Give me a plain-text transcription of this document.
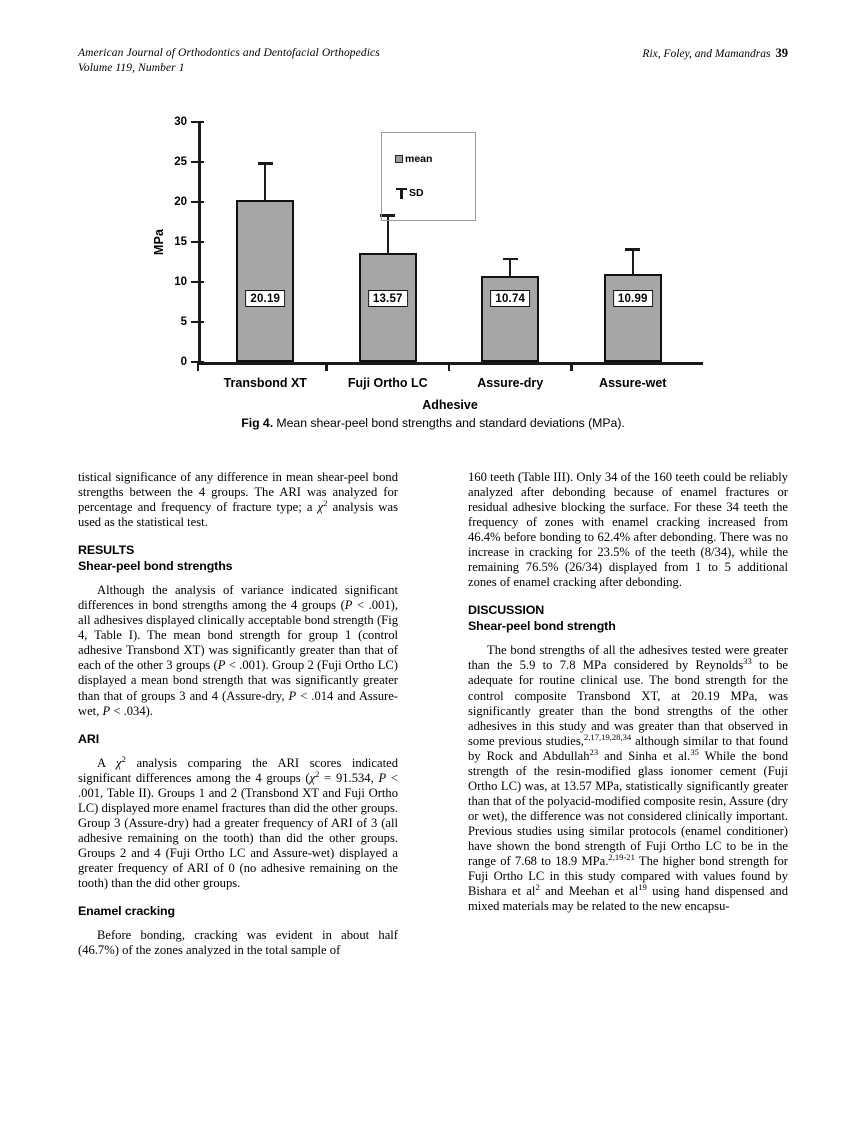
American Journal of Orthodontics and Dentofacial Orthopedics
Volume 119, Number 1
Rix, Foley, and Mamandras 39
MPa
0
5
10
15
20
25
30
20.19
Transbond XT
13.57
Fuji Ortho LC
10.74
Assure-dry
10.99
Assure-wet
Adhesive
mean
SD
Fig 4. Mean shear-peel bond strengths and standard deviations (MPa).

tistical significance of any difference in mean shear-peel bond strengths between the 4 groups. The ARI was analyzed for percentage and frequency of fracture type; a $\chi^2$ analysis was used as the statistical test.

RESULTS
Shear-peel bond strengths

Although the analysis of variance indicated significant differences in bond strengths among the 4 groups (P < .001), all adhesives displayed clinically acceptable bond strength (Fig 4, Table I). The mean bond strength for group 1 (control adhesive Transbond XT) was significantly greater than that of each of the other 3 groups (P < .001). Group 2 (Fuji Ortho LC) displayed a mean bond strength that was significantly greater than that of groups 3 and 4 (Assure-dry, P < .014 and Assure-wet, P < .034).

ARI

A $\chi^2$ analysis comparing the ARI scores indicated significant differences among the 4 groups ($\chi^2 = 91.534$, P < .001, Table II). Groups 1 and 2 (Transbond XT and Fuji Ortho LC) displayed more enamel fractures than did the other groups. Group 3 (Assure-dry) had a greater frequency of ARI of 3 (all adhesive remaining on the tooth) than did the other groups. Groups 2 and 4 (Fuji Ortho LC and Assure-wet) displayed a greater frequency of ARI of 0 (no adhesive remaining on the tooth) than the did other groups.

Enamel cracking

Before bonding, cracking was evident in about half (46.7%) of the zones analyzed in the total sample of

160 teeth (Table III). Only 34 of the 160 teeth could be reliably analyzed after debonding because of enamel fractures or residual adhesive blocking the surface. For these 34 teeth the frequency of zones with enamel cracking increased from 46.4% before bonding to 62.4% after debonding. There was no increase in cracking for 23.5% of the teeth (8/34), while the remaining 76.5% (26/34) displayed from 1 to 5 additional zones of enamel cracking after debonding.

DISCUSSION
Shear-peel bond strength

The bond strengths of all the adhesives tested were greater than the 5.9 to 7.8 MPa considered by Reynolds$^{33}$ to be adequate for routine clinical use. The bond strength for the control composite Transbond XT, at 20.19 MPa, was significantly greater than the bond strengths of the other adhesives in this study and was greater than that observed in some previous studies,$^{2,17,19,28,34}$ although similar to that found by Rock and Abdullah$^{23}$ and Sinha et al.$^{35}$ While the bond strength of the resin-modified glass ionomer cement (Fuji Ortho LC) was, at 13.57 MPa, statistically significantly greater than that of the polyacid-modified composite resin, Assure (dry or wet), the difference was not considered clinically important. Previous studies using similar protocols (enamel conditioner) have shown the bond strength of Fuji Ortho LC to be in the range of 7.68 to 18.9 MPa.$^{2,19-21}$ The higher bond strength for Fuji Ortho LC in this study compared with values found by Bishara et $al^2$ and Meehan et $al^{19}$ using hand dispensed and mixed materials may be related to the new encapsu-
